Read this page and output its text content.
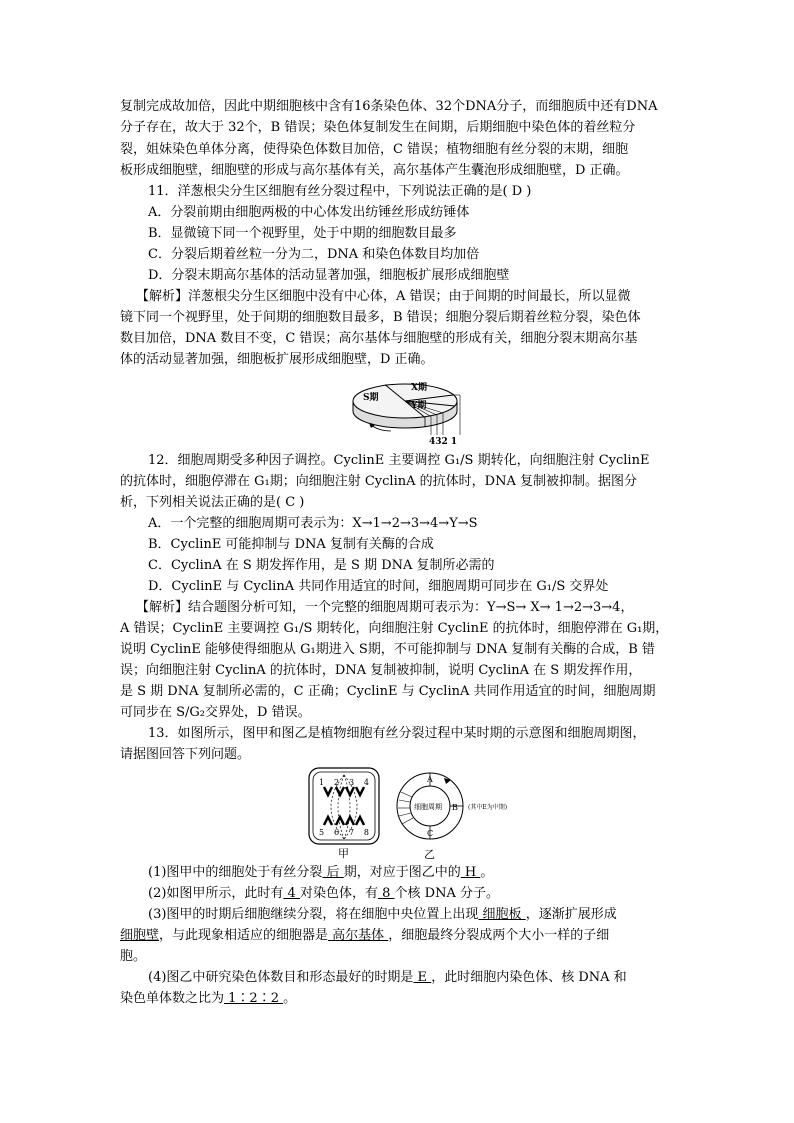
复制完成故加倍，因此中期细胞核中含有16条染色体、32个DNA分子，而细胞质中还有DNA
分子存在，故大于 32个，B 错误；染色体复制发生在间期，后期细胞中染色体的着丝粒分
裂，姐妹染色单体分离，使得染色体数目加倍，C 错误；植物细胞有丝分裂的末期，细胞
板形成细胞壁，细胞壁的形成与高尔基体有关，高尔基体产生囊泡形成细胞壁，D 正确。
11．洋葱根尖分生区细胞有丝分裂过程中，下列说法正确的是( D )
A．分裂前期由细胞两极的中心体发出纺锤丝形成纺锤体
B．显微镜下同一个视野里，处于中期的细胞数目最多
C．分裂后期着丝粒一分为二，DNA 和染色体数目均加倍
D．分裂末期高尔基体的活动显著加强，细胞板扩展形成细胞壁
【解析】洋葱根尖分生区细胞中没有中心体，A 错误；由于间期的时间最长，所以显微
镜下同一个视野里，处于间期的细胞数目最多，B 错误；细胞分裂后期着丝粒分裂，染色体
数目加倍，DNA 数目不变，C 错误；高尔基体与细胞壁的形成有关，细胞分裂末期高尔基
体的活动显著加强，细胞板扩展形成细胞壁，D 正确。
S期
X期
Y期
432 1
12．细胞周期受多种因子调控。CyclinE 主要调控 G₁/S 期转化，向细胞注射 CyclinE
的抗体时，细胞停滞在 G₁期；向细胞注射 CyclinA 的抗体时，DNA 复制被抑制。据图分
析，下列相关说法正确的是( C )
A．一个完整的细胞周期可表示为：X→1→2→3→4→Y→S
B．CyclinE 可能抑制与 DNA 复制有关酶的合成
C．CyclinA 在 S 期发挥作用，是 S 期 DNA 复制所必需的
D．CyclinE 与 CyclinA 共同作用适宜的时间，细胞周期可同步在 G₁/S 交界处
【解析】结合题图分析可知，一个完整的细胞周期可表示为：Y→S→ X→ 1→2→3→4，
A 错误；CyclinE 主要调控 G₁/S 期转化，向细胞注射 CyclinE 的抗体时，细胞停滞在 G₁期，
说明 CyclinE 能够使得细胞从 G₁期进入 S期，不可能抑制与 DNA 复制有关酶的合成，B 错
误；向细胞注射 CyclinA 的抗体时，DNA 复制被抑制，说明 CyclinA 在 S 期发挥作用，
是 S 期 DNA 复制所必需的，C 正确；CyclinE 与 CyclinA 共同作用适宜的时间，细胞周期
可同步在 S/G₂交界处，D 错误。
13．如图所示，图甲和图乙是植物细胞有丝分裂过程中某时期的示意图和细胞周期图，
请据图回答下列问题。
1 2 3 4
5 6 7 8
甲
A
B
C
细胞周期	(其中E为中期)
乙
(1)图甲中的细胞处于有丝分裂 后 期，对应于图乙中的 H 。
(2)如图甲所示，此时有 4 对染色体，有 8 个核 DNA 分子。
(3)图甲的时期后细胞继续分裂，将在细胞中央位置上出现 细胞板 ，逐渐扩展形成
细胞壁，与此现象相适应的细胞器是 高尔基体 ，细胞最终分裂成两个大小一样的子细
胞。
(4)图乙中研究染色体数目和形态最好的时期是 E ，此时细胞内染色体、核 DNA 和
染色单体数之比为 1∶2∶2 。
